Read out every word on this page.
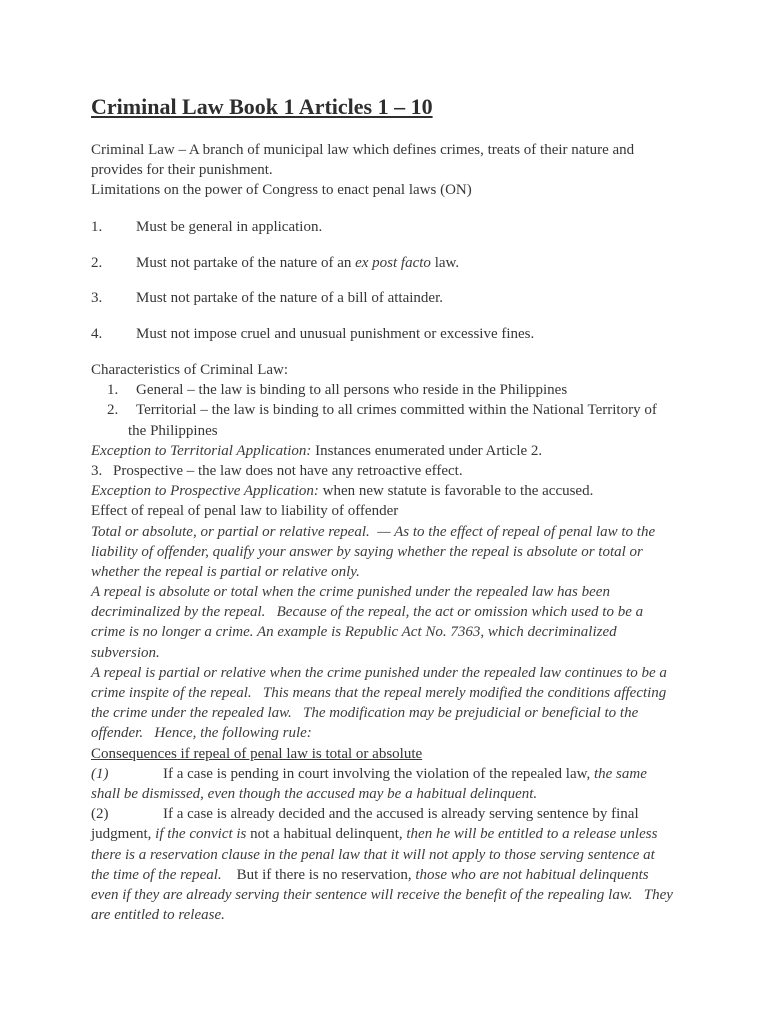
Criminal Law Book 1 Articles 1 – 10
Criminal Law – A branch of municipal law which defines crimes, treats of their nature and
provides for their punishment.
Limitations on the power of Congress to enact penal laws (ON)
1. Must be general in application.
2. Must not partake of the nature of an ex post facto law.
3. Must not partake of the nature of a bill of attainder.
4. Must not impose cruel and unusual punishment or excessive fines.
Characteristics of Criminal Law:
1. General – the law is binding to all persons who reside in the Philippines
2. Territorial – the law is binding to all crimes committed within the National Territory of
the Philippines
Exception to Territorial Application: Instances enumerated under Article 2.
3. Prospective – the law does not have any retroactive effect.
Exception to Prospective Application: when new statute is favorable to the accused.
Effect of repeal of penal law to liability of offender
Total or absolute, or partial or relative repeal.  — As to the effect of repeal of penal law to the
liability of offender, qualify your answer by saying whether the repeal is absolute or total or
whether the repeal is partial or relative only.
A repeal is absolute or total when the crime punished under the repealed law has been
decriminalized by the repeal.   Because of the repeal, the act or omission which used to be a
crime is no longer a crime. An example is Republic Act No. 7363, which decriminalized
subversion.
A repeal is partial or relative when the crime punished under the repealed law continues to be a
crime inspite of the repeal.   This means that the repeal merely modified the conditions affecting
the crime under the repealed law.   The modification may be prejudicial or beneficial to the
offender.   Hence, the following rule:
Consequences if repeal of penal law is total or absolute
(1)	If a case is pending in court involving the violation of the repealed law, the same
shall be dismissed, even though the accused may be a habitual delinquent.
(2)	If a case is already decided and the accused is already serving sentence by final
judgment, if the convict is not a habitual delinquent, then he will be entitled to a release unless
there is a reservation clause in the penal law that it will not apply to those serving sentence at
the time of the repeal.    But if there is no reservation, those who are not habitual delinquents
even if they are already serving their sentence will receive the benefit of the repealing law.   They
are entitled to release.
